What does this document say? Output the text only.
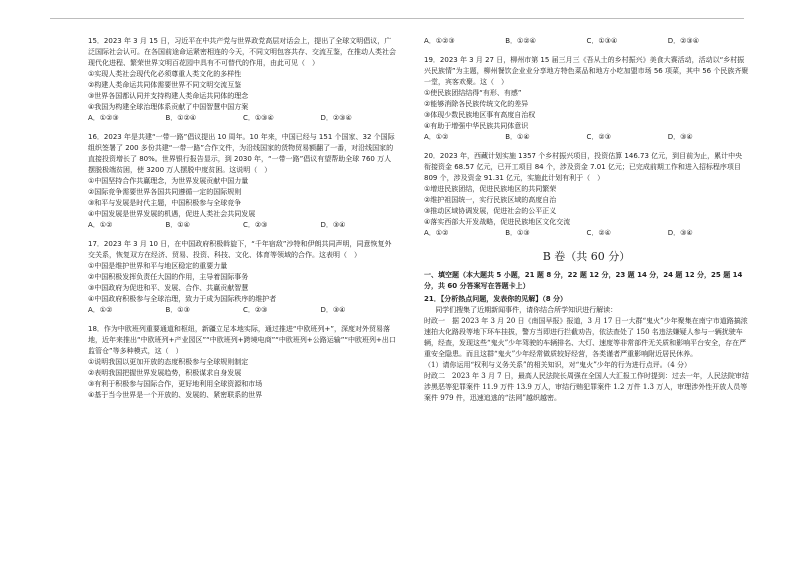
15．2023 年 3 月 15 日，习近平在中共产党与世界政党高层对话会上，提出了全球文明倡议，广泛国际社会认可。在各国前途命运紧密相连的今天，不同文明包容共存、交流互鉴，在推动人类社会现代化进程、繁荣世界文明百花园中具有不可替代的作用，由此可见（　）

①实现人类社会现代化必须尊重人类文化的多样性

②构建人类命运共同体需要世界不同文明交流互鉴

③世界各国都认同并支持构建人类命运共同体的理念

④我国为构建全球治理体系贡献了中国智慧中国方案

A．①②③	B．①②④	C．①③④	D．②③④

16．2023 年是共建“一带一路”倡议提出 10 周年。10 年来，中国已经与 151 个国家、32 个国际组织签署了 200 多份共建“一带一路”合作文件，为沿线国家的货物贸易额翻了一番，对沿线国家的直接投资增长了 80%。世界银行报告显示，到 2030 年，“一带一路”倡议有望帮助全球 760 万人摆脱极端贫困，使 3200 万人摆脱中度贫困。这说明（　）

①中国坚持合作共赢理念，为世界发展贡献中国力量

②国际竞争需要世界各国共同遵循一定的国际规则

③和平与发展是时代主题，中国积极参与全球竞争

④中国发展是世界发展的机遇，促进人类社会共同发展

A．①②	B．①④	C．②③	D．③④

17．2023 年 3 月 10 日，在中国政府积极斡旋下，“千年宿敌”沙特和伊朗共同声明，同意恢复外交关系，恢复双方在经济、贸易、投资、科技、文化、体育等领域的合作。这表明（　）

①中国是维护世界和平与地区稳定的重要力量

②中国积极发挥负责任大国的作用，主导着国际事务

③中国政府为促进和平、发展、合作、共赢贡献智慧

④中国政府积极参与全球治理，致力于成为国际秩序的维护者

A．①②	B．①③	C．②③	D．③④

18．作为中欧班列重要通道和枢纽，新疆立足本地实际，通过推进“中欧班列+”，深度对外贸易落地，近年来推出“中欧班列+产业园区”“中欧班列+跨境电商”“中欧班列+公路运输”“中欧班列+出口监管仓”等多种模式，这（　）

①说明我国以更加开放的态度积极参与全球规则制定

②表明我国把握世界发展趋势，积极谋求自身发展

③有利于积极参与国际合作，更好地利用全球资源和市场

④基于当今世界是一个开放的、发展的、紧密联系的世界

A．①②③	B．①②④	C．①③④	D．②③④

19．2023 年 3 月 27 日，柳州市第 15 届三月三《吾从土的乡村振兴》美食大赛活动，活动以“乡村振兴民族情”为主题，柳州餐饮企业业分享地方特色菜品和地方小吃加盟市场 56 项菜，其中 56 个民族齐聚一堂，宾客欢聚。这（　）

①使民族团结结得“有形、有感”

②能够消除各民族传统文化的差异

③体现少数民族地区事有高度自治权

④有助于增强中华民族共同体意识

A．①②	B．①④	C．②③	D．③④

20．2023 年，西藏计划实施 1357 个乡村振兴项目，投资估算 146.73 亿元，到目前为止，累计中央衔接资金 68.57 亿元，已开工项目 84 个，涉及资金 7.01 亿元；已完成前期工作和进入招标程序项目 809 个，涉及资金 91.31 亿元，实施此计划有利于（　）

①增进民族团结，促进民族地区的共同繁荣

②维护祖国统一，实行民族区域的高度自治

③推动区域协调发展，促进社会的公平正义

④落实西部大开发战略，促进民族地区文化交流

A．①②	B．①③	C．②④	D．③④
B 卷（共 60 分）

一、填空题（本大题共 5 小题，21 题 8 分，22 题 12 分，23 题 14 分，24 题 12 分，25 题 14 分，共 60 分答案写在答题卡上）

21．【分析热点问题，发表你的见解】（8 分）

同学们搜集了近期新闻事件，请你结合所学知识进行解读：

时政一　据 2023 年 3 月 20 日《南国早报》报道，3 月 17 日一大群“鬼火”少年聚集在南宁市道路搞浓速拍大化路段等地下环车挂拔，警方当即进行拦截劝告，依法查处了 150 名违法嫌疑人参与一辆扰驶车辆，经查，发现这些“鬼火”少年驾驶的车辆排名、大灯、速度等非常部件无关质和影响平台安全，存在严重安全隐患。而且这群“鬼火”少年经常做质较好经营，各类谨者严重影响附近居民休养。

（1）请你运用“权利与义务关系”的相关知识，对“鬼火”少年的行为进行点评。（4 分）

时政二　2023 年 3 月 7 日，最高人民法院长周强在全国人大汇报工作时提到：过去一年，人民法院审结涉黑恶等犯罪案件 11.9 万件 13.9 万人，审结行贿犯罪案件 1.2 万件 1.3 万人，审理涉外性开放人员等案件 979 件，迅速追逃的“法网”越织越密。
